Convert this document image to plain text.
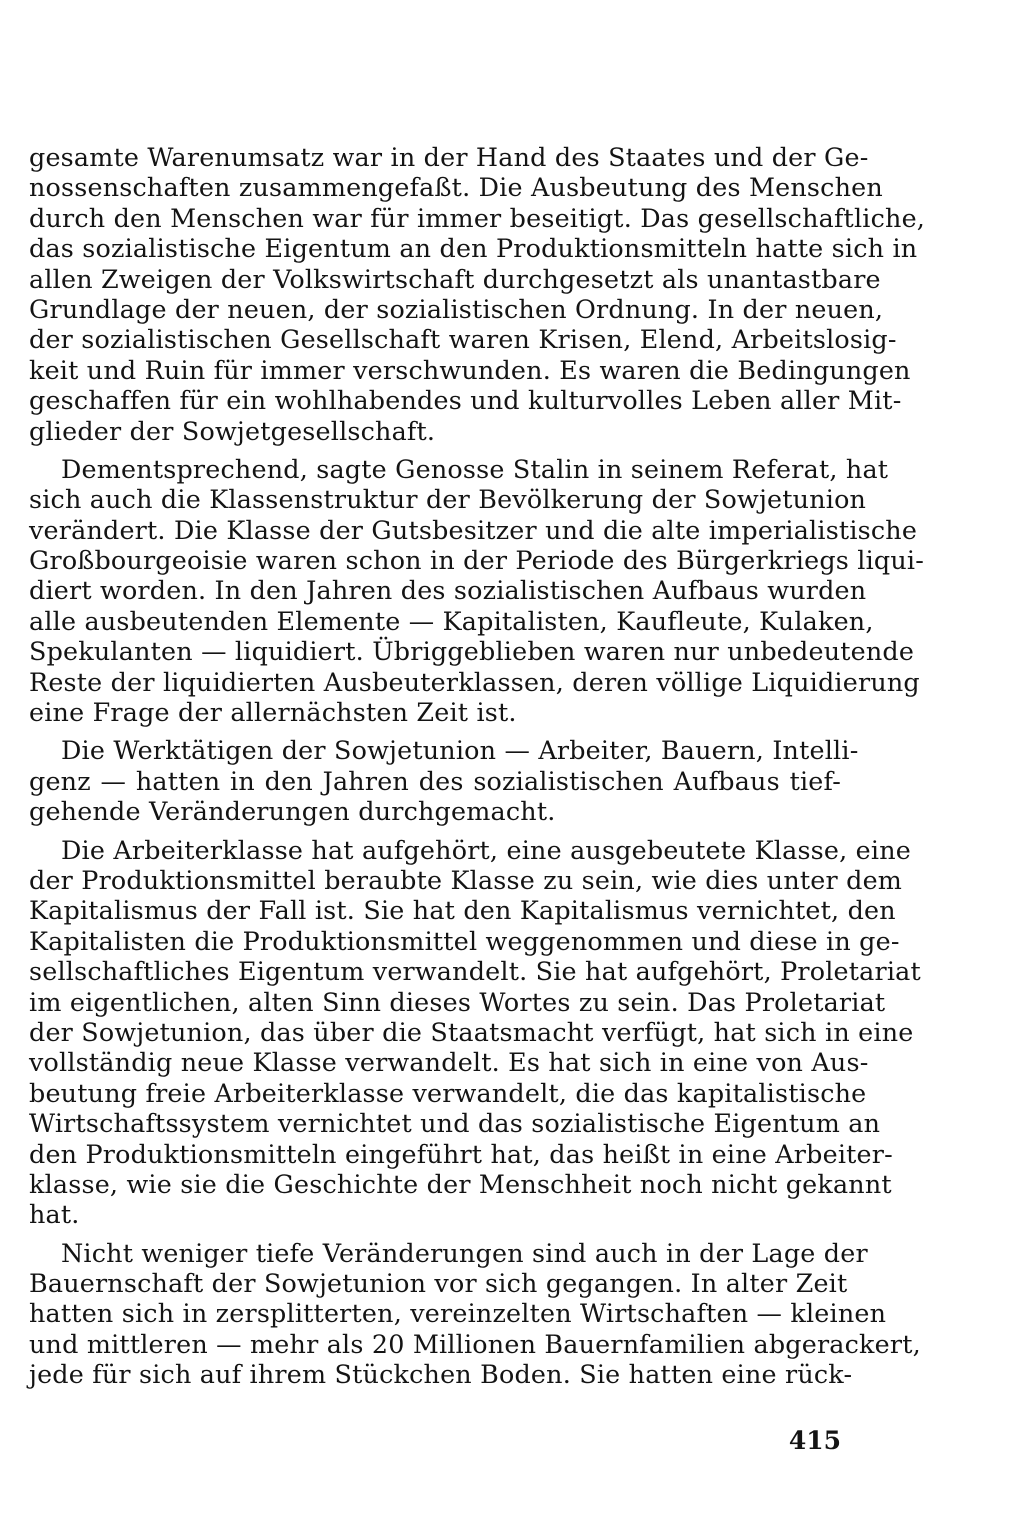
gesamte Warenumsatz war in der Hand des Staates und der Ge-
nossenschaften zusammengefaßt. Die Ausbeutung des Menschen
durch den Menschen war für immer beseitigt. Das gesellschaftliche,
das sozialistische Eigentum an den Produktionsmitteln hatte sich in
allen Zweigen der Volkswirtschaft durchgesetzt als unantastbare
Grundlage der neuen, der sozialistischen Ordnung. In der neuen,
der sozialistischen Gesellschaft waren Krisen, Elend, Arbeitslosig-
keit und Ruin für immer verschwunden. Es waren die Bedingungen
geschaffen für ein wohlhabendes und kulturvolles Leben aller Mit-
glieder der Sowjetgesellschaft.
Dementsprechend, sagte Genosse Stalin in seinem Referat, hat
sich auch die Klassenstruktur der Bevölkerung der Sowjetunion
verändert. Die Klasse der Gutsbesitzer und die alte imperialistische
Großbourgeoisie waren schon in der Periode des Bürgerkriegs liqui-
diert worden. In den Jahren des sozialistischen Aufbaus wurden
alle ausbeutenden Elemente — Kapitalisten, Kaufleute, Kulaken,
Spekulanten — liquidiert. Übriggeblieben waren nur unbedeutende
Reste der liquidierten Ausbeuterklassen, deren völlige Liquidierung
eine Frage der allernächsten Zeit ist.
Die Werktätigen der Sowjetunion — Arbeiter, Bauern, Intelli-
genz — hatten in den Jahren des sozialistischen Aufbaus tief-
gehende Veränderungen durchgemacht.
Die Arbeiterklasse hat aufgehört, eine ausgebeutete Klasse, eine
der Produktionsmittel beraubte Klasse zu sein, wie dies unter dem
Kapitalismus der Fall ist. Sie hat den Kapitalismus vernichtet, den
Kapitalisten die Produktionsmittel weggenommen und diese in ge-
sellschaftliches Eigentum verwandelt. Sie hat aufgehört, Proletariat
im eigentlichen, alten Sinn dieses Wortes zu sein. Das Proletariat
der Sowjetunion, das über die Staatsmacht verfügt, hat sich in eine
vollständig neue Klasse verwandelt. Es hat sich in eine von Aus-
beutung freie Arbeiterklasse verwandelt, die das kapitalistische
Wirtschaftssystem vernichtet und das sozialistische Eigentum an
den Produktionsmitteln eingeführt hat, das heißt in eine Arbeiter-
klasse, wie sie die Geschichte der Menschheit noch nicht gekannt
hat.
Nicht weniger tiefe Veränderungen sind auch in der Lage der
Bauernschaft der Sowjetunion vor sich gegangen. In alter Zeit
hatten sich in zersplitterten, vereinzelten Wirtschaften — kleinen
und mittleren — mehr als 20 Millionen Bauernfamilien abgerackert,
jede für sich auf ihrem Stückchen Boden. Sie hatten eine rück-
415
